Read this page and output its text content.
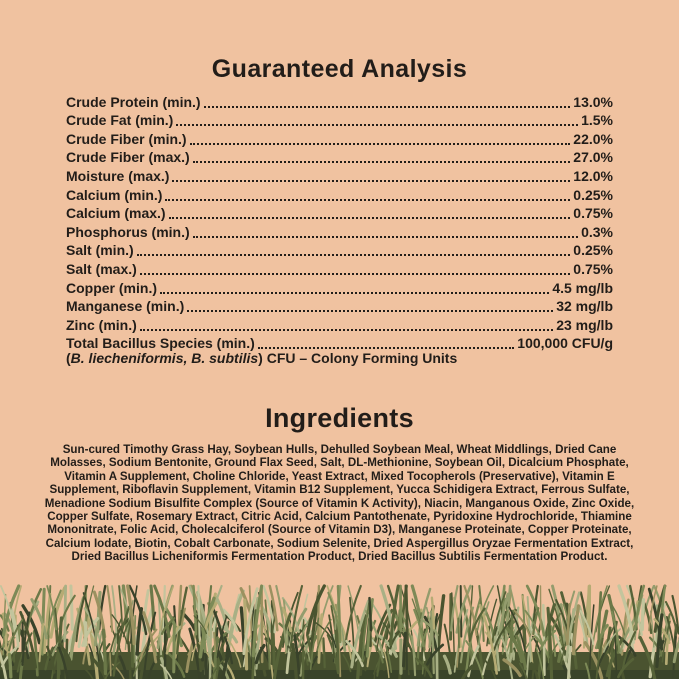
Guaranteed Analysis
Crude Protein (min.)	13.0%
Crude Fat (min.)	1.5%
Crude Fiber (min.)	22.0%
Crude Fiber (max.)	27.0%
Moisture (max.)	12.0%
Calcium (min.)	0.25%
Calcium (max.)	0.75%
Phosphorus (min.)	0.3%
Salt (min.)	0.25%
Salt (max.)	0.75%
Copper (min.)	4.5 mg/lb
Manganese (min.)	32 mg/lb
Zinc (min.)	23 mg/lb
Total Bacillus Species (min.)	100,000 CFU/g

(B. liecheniformis, B. subtilis) CFU – Colony Forming Units

Ingredients

Sun-cured Timothy Grass Hay, Soybean Hulls, Dehulled Soybean Meal, Wheat Middlings, Dried Cane Molasses, Sodium Bentonite, Ground Flax Seed, Salt, DL-Methionine, Soybean Oil, Dicalcium Phosphate, Vitamin A Supplement, Choline Chloride, Yeast Extract, Mixed Tocopherols (Preservative), Vitamin E Supplement, Riboflavin Supplement, Vitamin B12 Supplement, Yucca Schidigera Extract, Ferrous Sulfate, Menadione Sodium Bisulfite Complex (Source of Vitamin K Activity), Niacin, Manganous Oxide, Zinc Oxide, Copper Sulfate, Rosemary Extract, Citric Acid, Calcium Pantothenate, Pyridoxine Hydrochloride, Thiamine Mononitrate, Folic Acid, Cholecalciferol (Source of Vitamin D3), Manganese Proteinate, Copper Proteinate, Calcium Iodate, Biotin, Cobalt Carbonate, Sodium Selenite, Dried Aspergillus Oryzae Fermentation Extract, Dried Bacillus Licheniformis Fermentation Product, Dried Bacillus Subtilis Fermentation Product.
